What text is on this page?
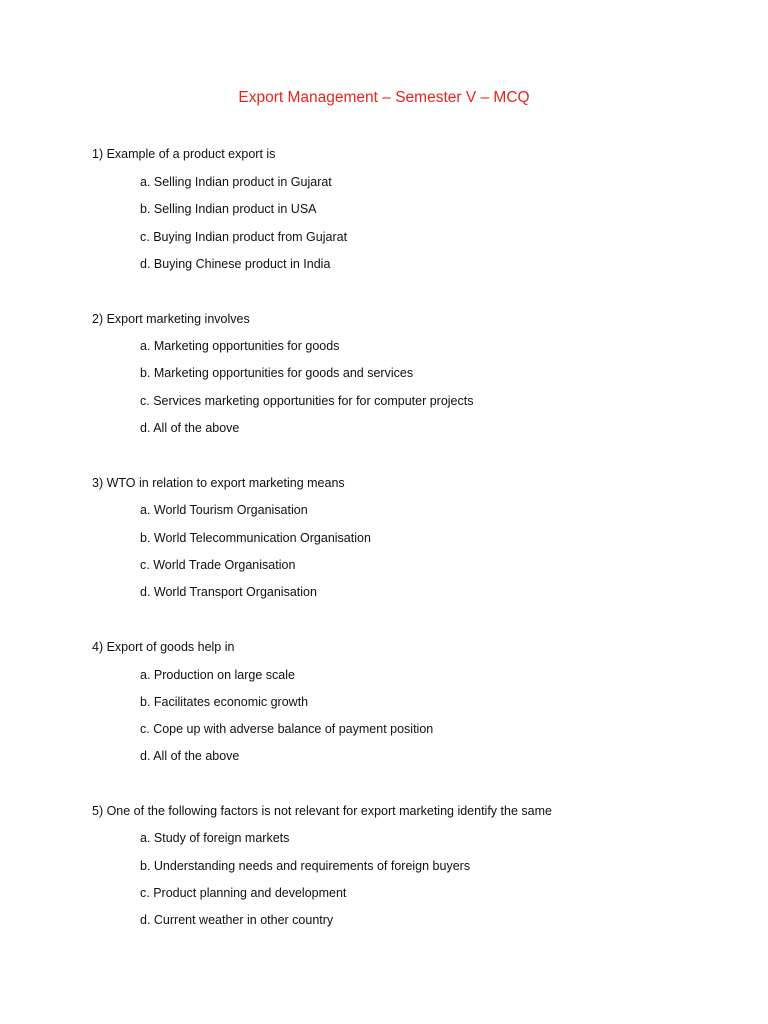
Export Management – Semester V – MCQ
1) Example of a product export is
a. Selling Indian product in Gujarat
b. Selling Indian product in USA
c. Buying Indian product from Gujarat
d. Buying Chinese product in India
2) Export marketing involves
a. Marketing opportunities for goods
b. Marketing opportunities for goods and services
c. Services marketing opportunities for for computer projects
d. All of the above
3) WTO in relation to export marketing means
a. World Tourism Organisation
b. World Telecommunication Organisation
c. World Trade Organisation
d. World Transport Organisation
4) Export of goods help in
a. Production on large scale
b. Facilitates economic growth
c. Cope up with adverse balance of payment position
d. All of the above
5) One of the following factors is not relevant for export marketing identify the same
a. Study of foreign markets
b. Understanding needs and requirements of foreign buyers
c. Product planning and development
d. Current weather in other country
